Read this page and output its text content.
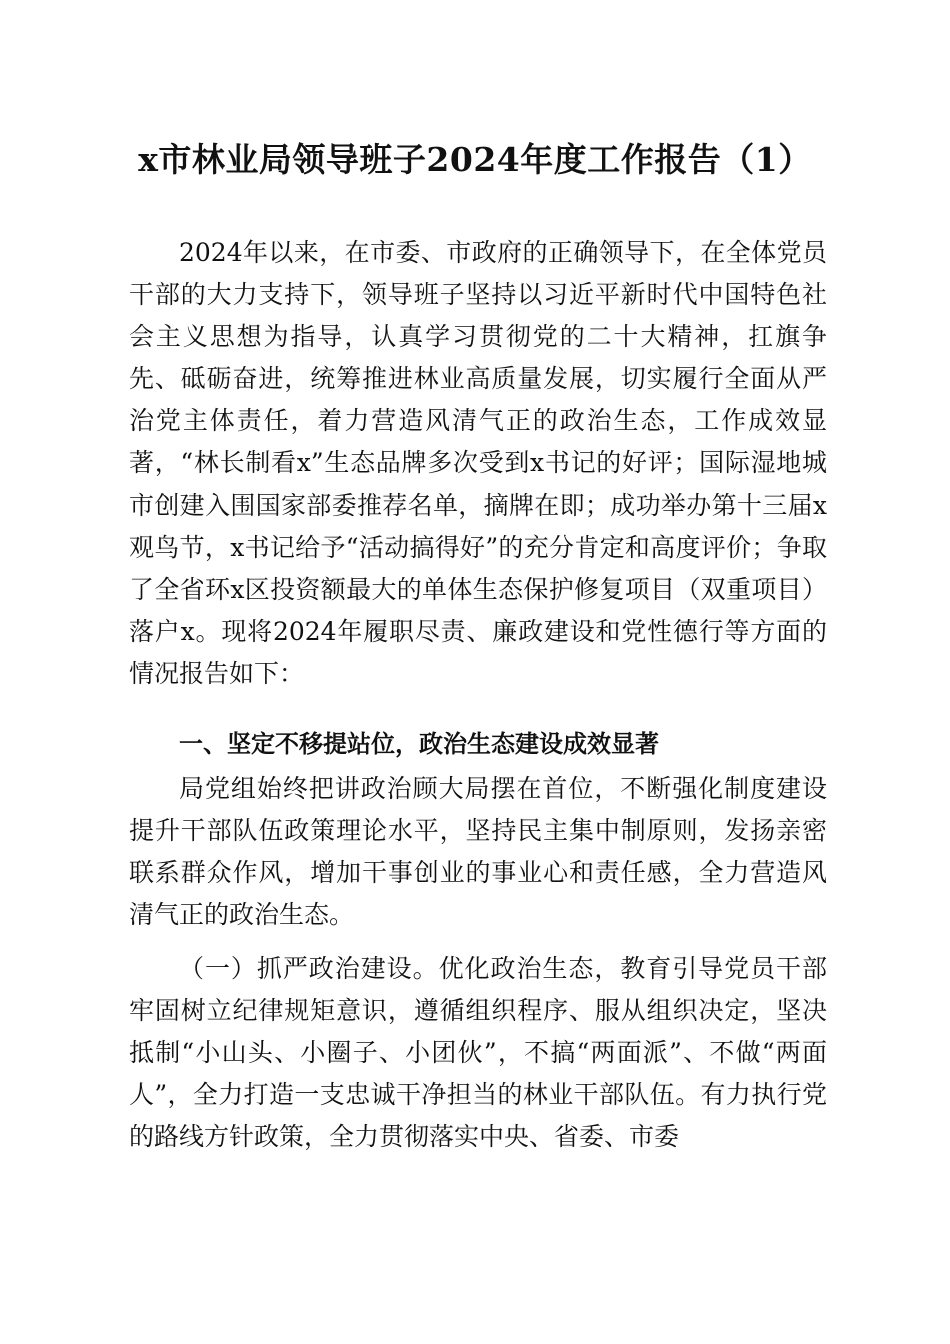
x市林业局领导班子2024年度工作报告（1）

2024年以来，在市委、市政府的正确领导下，在全体党员干部的大力支持下，领导班子坚持以习近平新时代中国特色社会主义思想为指导，认真学习贯彻党的二十大精神，扛旗争先、砥砺奋进，统筹推进林业高质量发展，切实履行全面从严治党主体责任，着力营造风清气正的政治生态，工作成效显著，“林长制看x”生态品牌多次受到x书记的好评；国际湿地城市创建入围国家部委推荐名单，摘牌在即；成功举办第十三届x观鸟节，x书记给予“活动搞得好”的充分肯定和高度评价；争取了全省环x区投资额最大的单体生态保护修复项目（双重项目）落户x。现将2024年履职尽责、廉政建设和党性德行等方面的情况报告如下：

一、坚定不移提站位，政治生态建设成效显著

局党组始终把讲政治顾大局摆在首位，不断强化制度建设提升干部队伍政策理论水平，坚持民主集中制原则，发扬亲密联系群众作风，增加干事创业的事业心和责任感，全力营造风清气正的政治生态。

（一）抓严政治建设。优化政治生态，教育引导党员干部牢固树立纪律规矩意识，遵循组织程序、服从组织决定，坚决抵制“小山头、小圈子、小团伙”，不搞“两面派”、不做“两面人”，全力打造一支忠诚干净担当的林业干部队伍。有力执行党的路线方针政策，全力贯彻落实中央、省委、市委
